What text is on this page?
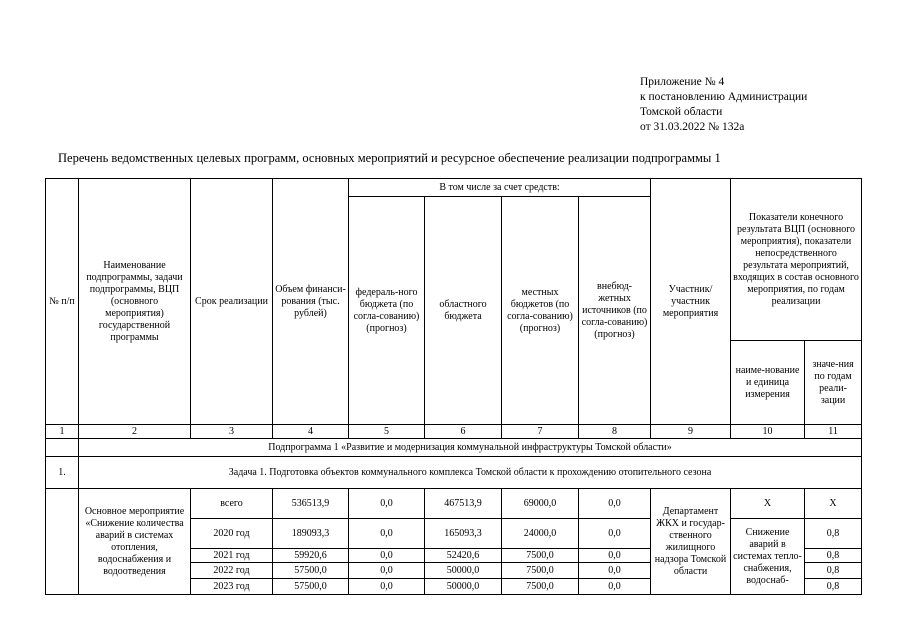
Приложение № 4
к постановлению Администрации
Томской области
от 31.03.2022 № 132а
Перечень ведомственных целевых программ, основных мероприятий и ресурсное обеспечение реализации подпрограммы 1
№ п/п	Наименование подпрограммы, задачи подпрограммы, ВЦП (основного мероприятия) государственной программы	Срок реализации	Объем финанси-рования (тыс. рублей)	В том числе за счет средств:				Участник/ участник мероприятия	Показатели конечного результата ВЦП (основного мероприятия), показатели непосредственного результата мероприятий, входящих в состав основного мероприятия, по годам реализации	
				федераль-ного бюджета (по согла-сованию) (прогноз)	областного бюджета	местных бюджетов (по согла-сованию) (прогноз)	внебюд-жетных источников (по согла-сованию) (прогноз)			
									наиме-нование и единица измерения	значе-ния по годам реали-зации
1	2	3	4	5	6	7	8	9	10	11
	Подпрограмма 1 «Развитие и модернизация коммунальной инфраструктуры Томской области»									
1.	Задача 1. Подготовка объектов коммунального комплекса Томской области к прохождению отопительного сезона									
	Основное мероприятие «Снижение количества аварий в системах отопления, водоснабжения и водоотведения	всего	536513,9	0,0	467513,9	69000,0	0,0	Департамент ЖКХ и государ-ственного жилищного надзора Томской области	Х	Х
		2020 год	189093,3	0,0	165093,3	24000,0	0,0		Снижение аварий в системах тепло-снабжения, водоснаб-	0,8
		2021 год	59920,6	0,0	52420,6	7500,0	0,0			0,8
		2022 год	57500,0	0,0	50000,0	7500,0	0,0			0,8
		2023 год	57500,0	0,0	50000,0	7500,0	0,0			0,8
